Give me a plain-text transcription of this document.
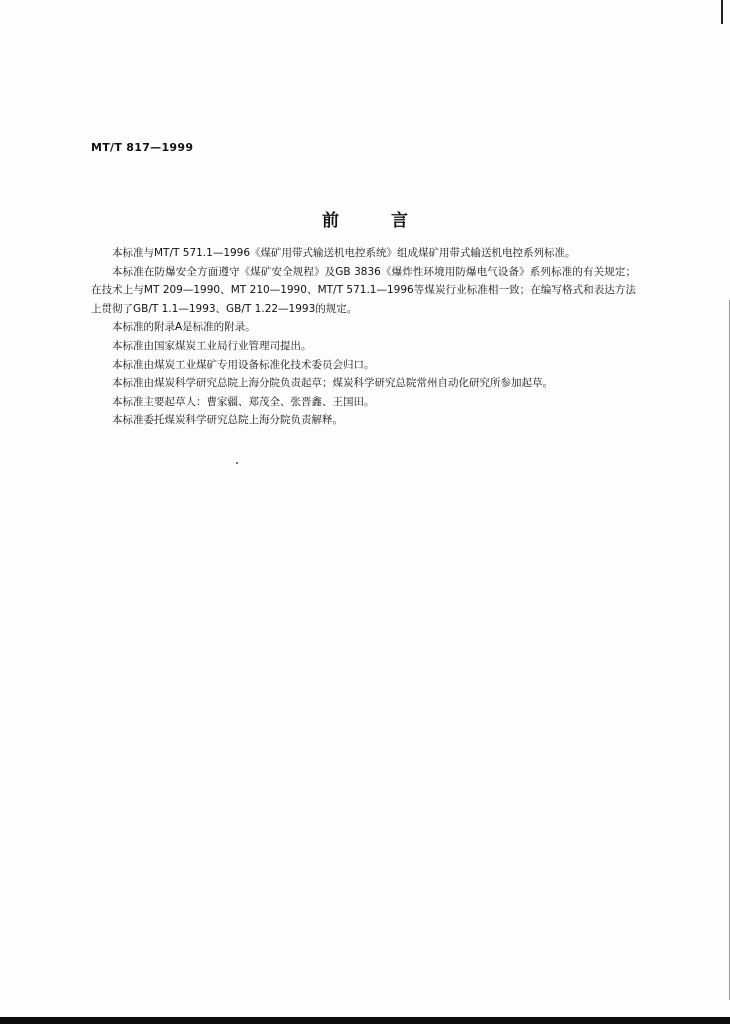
MT/T 817—1999
前言

本标准与MT/T 571.1—1996《煤矿用带式输送机电控系统》组成煤矿用带式输送机电控系列标准。

本标准在防爆安全方面遵守《煤矿安全规程》及GB 3836《爆炸性环境用防爆电气设备》系列标准的有关规定；在技术上与MT 209—1990、MT 210—1990、MT/T 571.1—1996等煤炭行业标准相一致；在编写格式和表达方法上贯彻了GB/T 1.1—1993、GB/T 1.22—1993的规定。

本标准的附录A是标准的附录。

本标准由国家煤炭工业局行业管理司提出。

本标准由煤炭工业煤矿专用设备标准化技术委员会归口。

本标准由煤炭科学研究总院上海分院负责起草；煤炭科学研究总院常州自动化研究所参加起草。

本标准主要起草人：曹家疆、郑茂全、张晋鑫、王国田。

本标准委托煤炭科学研究总院上海分院负责解释。
